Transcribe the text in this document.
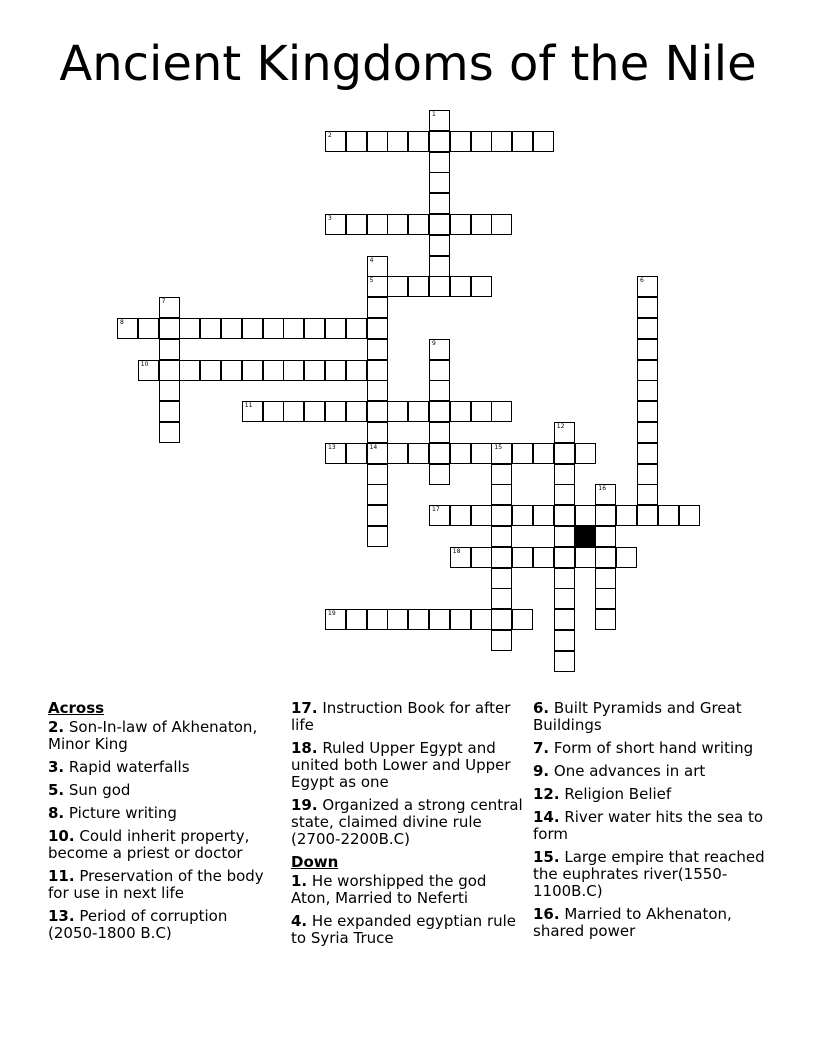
Ancient Kingdoms of the Nile
1
2
3
4
5
14
6
7
8
9
10
11
12
13	15
16
17
18
19
Across
2. Son-In-law of Akhenaton, Minor King
3. Rapid waterfalls
5. Sun god
8. Picture writing
10. Could inherit property, become a priest or doctor
11. Preservation of the body for use in next life
13. Period of corruption (2050-1800 B.C)
17. Instruction Book for after life
18. Ruled Upper Egypt and united both Lower and Upper Egypt as one
19. Organized a strong central state, claimed divine rule (2700-2200B.C)
Down
1. He worshipped the god Aton, Married to Neferti
4. He expanded egyptian rule to Syria Truce
6. Built Pyramids and Great Buildings
7. Form of short hand writing
9. One advances in art
12. Religion Belief
14. River water hits the sea to form
15. Large empire that reached the euphrates river(1550-1100B.C)
16. Married to Akhenaton, shared power
